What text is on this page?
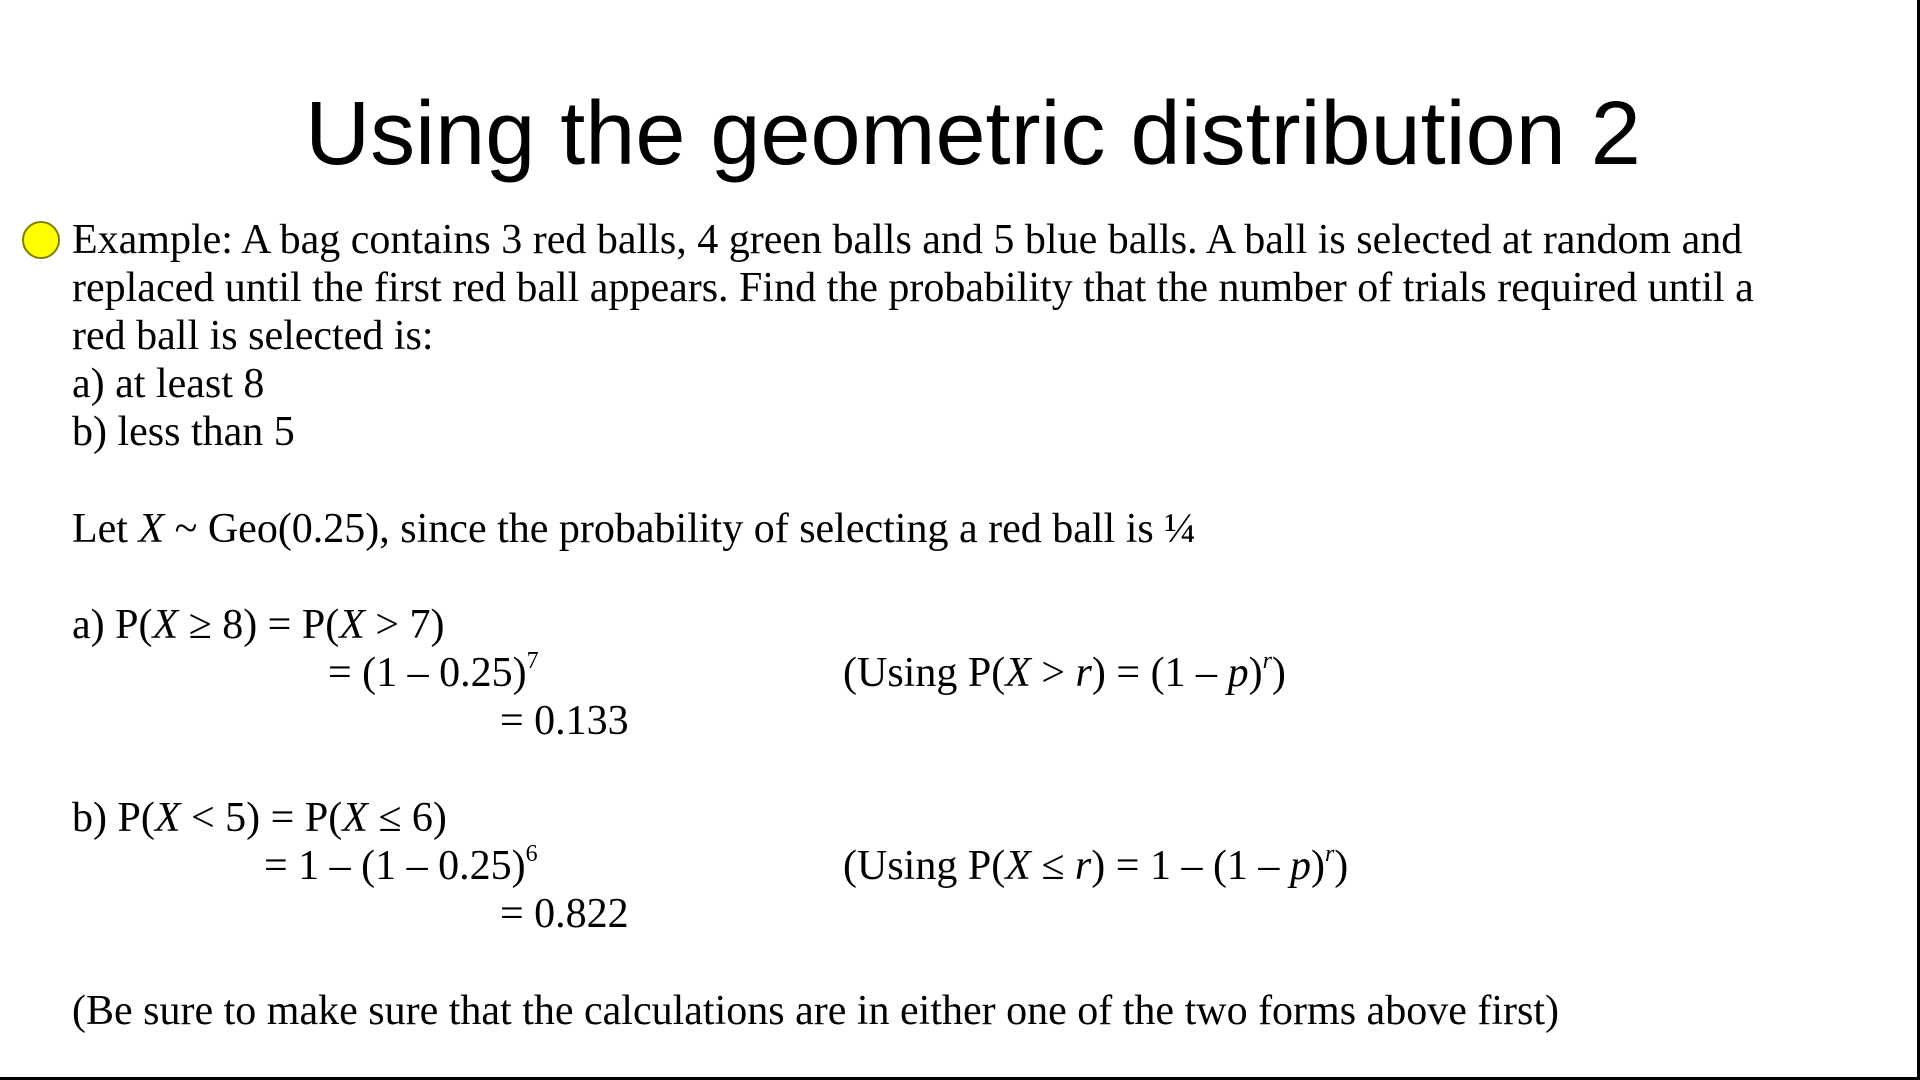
Using the geometric distribution 2
Example: A bag contains 3 red balls, 4 green balls and 5 blue balls. A ball is selected at random and
replaced until the first red ball appears. Find the probability that the number of trials required until a
red ball is selected is:
a) at least 8
b) less than 5
Let X ~ Geo(0.25), since the probability of selecting a red ball is ¼
a) P(X ≥ 8) = P(X > 7)
= (1 – 0.25)$^7$	(Using P(X > r) = (1 – p)$^r$)
= 0.133
b) P(X < 5) = P(X ≤ 6)
= 1 – (1 – 0.25)$^6$	(Using P(X ≤ r) = 1 – (1 – p)$^r$)
= 0.822
(Be sure to make sure that the calculations are in either one of the two forms above first)
